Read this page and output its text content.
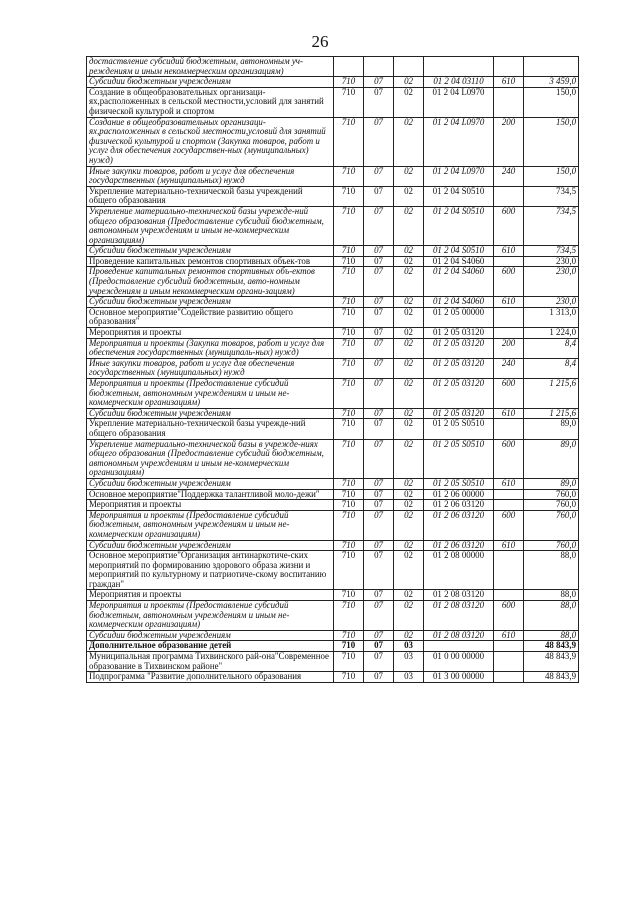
26
достаствление субсидий бюджетным, автономным уч-реждениям и иным некоммерческим организациям)						
Субсидии бюджетным учреждениям	710	07	02	01 2 04 03110	610	3 459,0
Создание в общеобразовательных организаци-ях,расположенных в сельской местности,условий для занятий физической культурой и спортом	710	07	02	01 2 04 L0970		150,0
Создание в общеобразовательных организаци-ях,расположенных в сельской местности,условий для занятий физической культурой и спортом (Закупка товаров, работ и услуг для обеспечения государствен-ных (муниципальных) нужд)	710	07	02	01 2 04 L0970	200	150,0
Иные закупки товаров, работ и услуг для обеспечения государственных (муниципальных) нужд	710	07	02	01 2 04 L0970	240	150,0
Укрепление материально-технической базы учреждений общего образования	710	07	02	01 2 04 S0510		734,5
Укрепление материально-технической базы учрежде-ний общего образования (Предоставление субсидий бюджетным, автономным учреждениям и иным не-коммерческим организациям)	710	07	02	01 2 04 S0510	600	734,5
Субсидии бюджетным учреждениям	710	07	02	01 2 04 S0510	610	734,5
Проведение капитальных ремонтов спортивных объек-тов	710	07	02	01 2 04 S4060		230,0
Проведение капитальных ремонтов спортивных объ-ектов (Предоставление субсидий бюджетным, авто-номным учреждениям и иным некоммерческим органи-зациям)	710	07	02	01 2 04 S4060	600	230,0
Субсидии бюджетным учреждениям	710	07	02	01 2 04 S4060	610	230,0
Основное мероприятие"Содействие развитию общего образования"	710	07	02	01 2 05 00000		1 313,0
Мероприятия и проекты	710	07	02	01 2 05 03120		1 224,0
Мероприятия и проекты (Закупка товаров, работ и услуг для обеспечения государственных (муниципаль-ных) нужд)	710	07	02	01 2 05 03120	200	8,4
Иные закупки товаров, работ и услуг для обеспечения государственных (муниципальных) нужд	710	07	02	01 2 05 03120	240	8,4
Мероприятия и проекты (Предоставление субсидий бюджетным, автономным учреждениям и иным не-коммерческим организациям)	710	07	02	01 2 05 03120	600	1 215,6
Субсидии бюджетным учреждениям	710	07	02	01 2 05 03120	610	1 215,6
Укрепление материально-технической базы учрежде-ний общего образования	710	07	02	01 2 05 S0510		89,0
Укрепление материально-технической базы в учрежде-ниях общего образования (Предоставление субсидий бюджетным, автономным учреждениям и иным не-коммерческим организациям)	710	07	02	01 2 05 S0510	600	89,0
Субсидии бюджетным учреждениям	710	07	02	01 2 05 S0510	610	89,0
Основное мероприятие"Поддержка талантливой моло-дежи"	710	07	02	01 2 06 00000		760,0
Мероприятия и проекты	710	07	02	01 2 06 03120		760,0
Мероприятия и проекты (Предоставление субсидий бюджетным, автономным учреждениям и иным не-коммерческим организациям)	710	07	02	01 2 06 03120	600	760,0
Субсидии бюджетным учреждениям	710	07	02	01 2 06 03120	610	760,0
Основное мероприятие"Организация антинаркотиче-ских мероприятий по формированию здорового образа жизни и мероприятий по культурному и патриотиче-скому воспитанию граждан"	710	07	02	01 2 08 00000		88,0
Мероприятия и проекты	710	07	02	01 2 08 03120		88,0
Мероприятия и проекты (Предоставление субсидий бюджетным, автономным учреждениям и иным не-коммерческим организациям)	710	07	02	01 2 08 03120	600	88,0
Субсидии бюджетным учреждениям	710	07	02	01 2 08 03120	610	88,0
Дополнительное образование детей	710	07	03			48 843,9
Муниципальная программа Тихвинского рай-она"Современное образование в Тихвинском районе"	710	07	03	01 0 00 00000		48 843,9
Подпрограмма "Развитие дополнительного образования	710	07	03	01 3 00 00000		48 843,9
